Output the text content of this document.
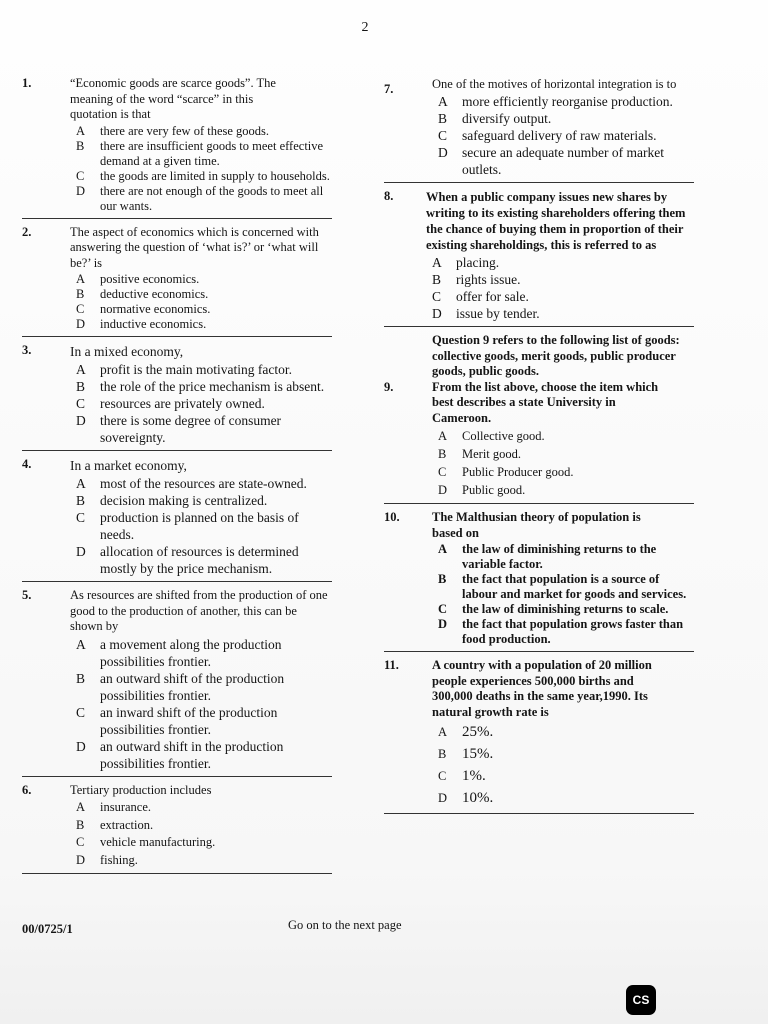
2
1.	“Economic goods are scarce goods”. The meaning of the word “scarce” in this quotation is that
A	there are very few of these goods.
B	there are insufficient goods to meet effective demand at a given time.
C	the goods are limited in supply to households.
D	there are not enough of the goods to meet all our wants.
2.	The aspect of economics which is concerned with answering the question of ‘what is?’ or ‘what will be?’ is
A	positive economics.
B	deductive economics.
C	normative economics.
D	inductive economics.
3.	In a mixed economy,
A	profit is the main motivating factor.
B	the role of the price mechanism is absent.
C	resources are privately owned.
D	there is some degree of consumer sovereignty.
4.	In a market economy,
A	most of the resources are state-owned.
B	decision making is centralized.
C	production is planned on the basis of needs.
D	allocation of resources is determined mostly by the price mechanism.
5.	As resources are shifted from the production of one good to the production of another, this can be shown by
A	a movement along the production possibilities frontier.
B	an outward shift of the production possibilities frontier.
C	an inward shift of the production possibilities frontier.
D	an outward shift in the production possibilities frontier.
6.	Tertiary production includes
A	insurance.
B	extraction.
C	vehicle manufacturing.
D	fishing.
7.	One of the motives of horizontal integration is to
A	more efficiently reorganise production.
B	diversify output.
C	safeguard delivery of raw materials.
D	secure an adequate number of market outlets.
8.	When a public company issues new shares by writing to its existing shareholders offering them the chance of buying them in proportion of their existing shareholdings, this is referred to as
A	placing.
B	rights issue.
C	offer for sale.
D	issue by tender.
Question 9 refers to the following list of goods: collective goods, merit goods, public producer goods, public goods.
9.	From the list above, choose the item which best describes a state University in Cameroon.
A	Collective good.
B	Merit good.
C	Public Producer good.
D	Public good.
10.	The Malthusian theory of population is based on
A	the law of diminishing returns to the variable factor.
B	the fact that population is a source of labour and market for goods and services.
C	the law of diminishing returns to scale.
D	the fact that population grows faster than food production.
11.	A country with a population of 20 million people experiences 500,000 births and 300,000 deaths in the same year,1990. Its natural growth rate is
A 25%.
B	15%.
C	1%.
D 10%.
00/0725/1	Go on to the next page
CS
